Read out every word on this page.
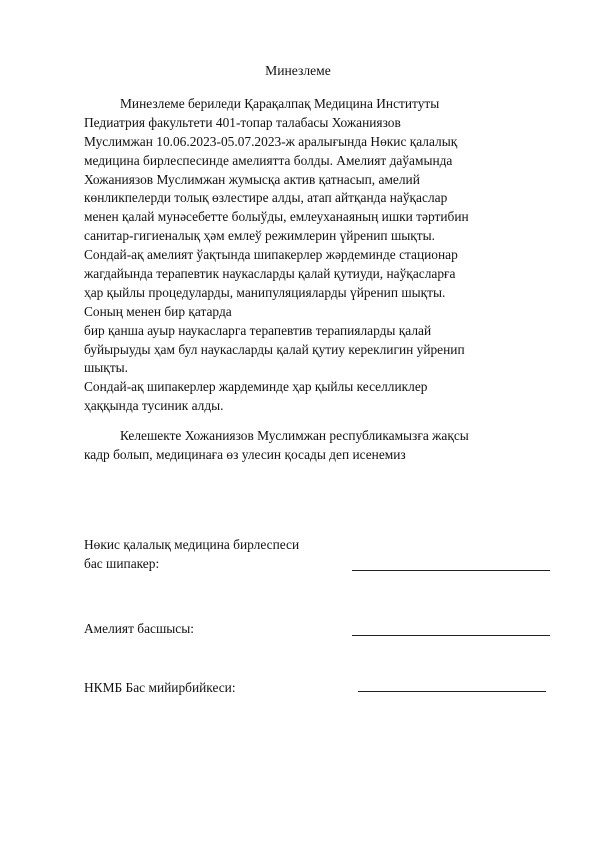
Минезлеме
Минезлеме бериледи Қарақалпақ Медицина Институты
Педиатрия факультети 401-топар талабасы Хожаниязов
Муслимжан 10.06.2023-05.07.2023-ж аралығында Нөкис қалалық
медицина бирлеспесинде амелиятта болды. Амелият даўамында
Хожаниязов Муслимжан жумысқа актив қатнасып, амелий
көнликпелерди толық өзлестире алды, атап айтқанда наўқаслар
менен қалай мунәсебетте болыўды, емлеуханаяның ишки тәртибин
санитар-гигиеналық ҳәм емлеў режимлерин үйренип шықты.
Сондай-ақ амелият ўақтында шипакерлер жәрдеминде стационар
жагдайында терапевтик наукасларды қалай қутиуди, наўқасларға
ҳар қыйлы процедуларды, манипуляцияларды үйренип шықты.
Соның менен бир қатарда
бир қанша ауыр наукасларга терапевтив терапияларды қалай
буйырыуды ҳам бул наукасларды қалай қутиу кереклигин уйренип
шықты.
Сондай-ақ шипакерлер жардеминде ҳар қыйлы кеселликлер
ҳаққында тусиник алды.
Келешекте Хожаниязов Муслимжан республикамызға жақсы
кадр болып, медицинаға өз улесин қосады деп исенемиз
Нөкис қалалық медицина бирлеспеси
бас шипакер:
Амелият басшысы:
НКМБ Бас мийирбийкеси:
